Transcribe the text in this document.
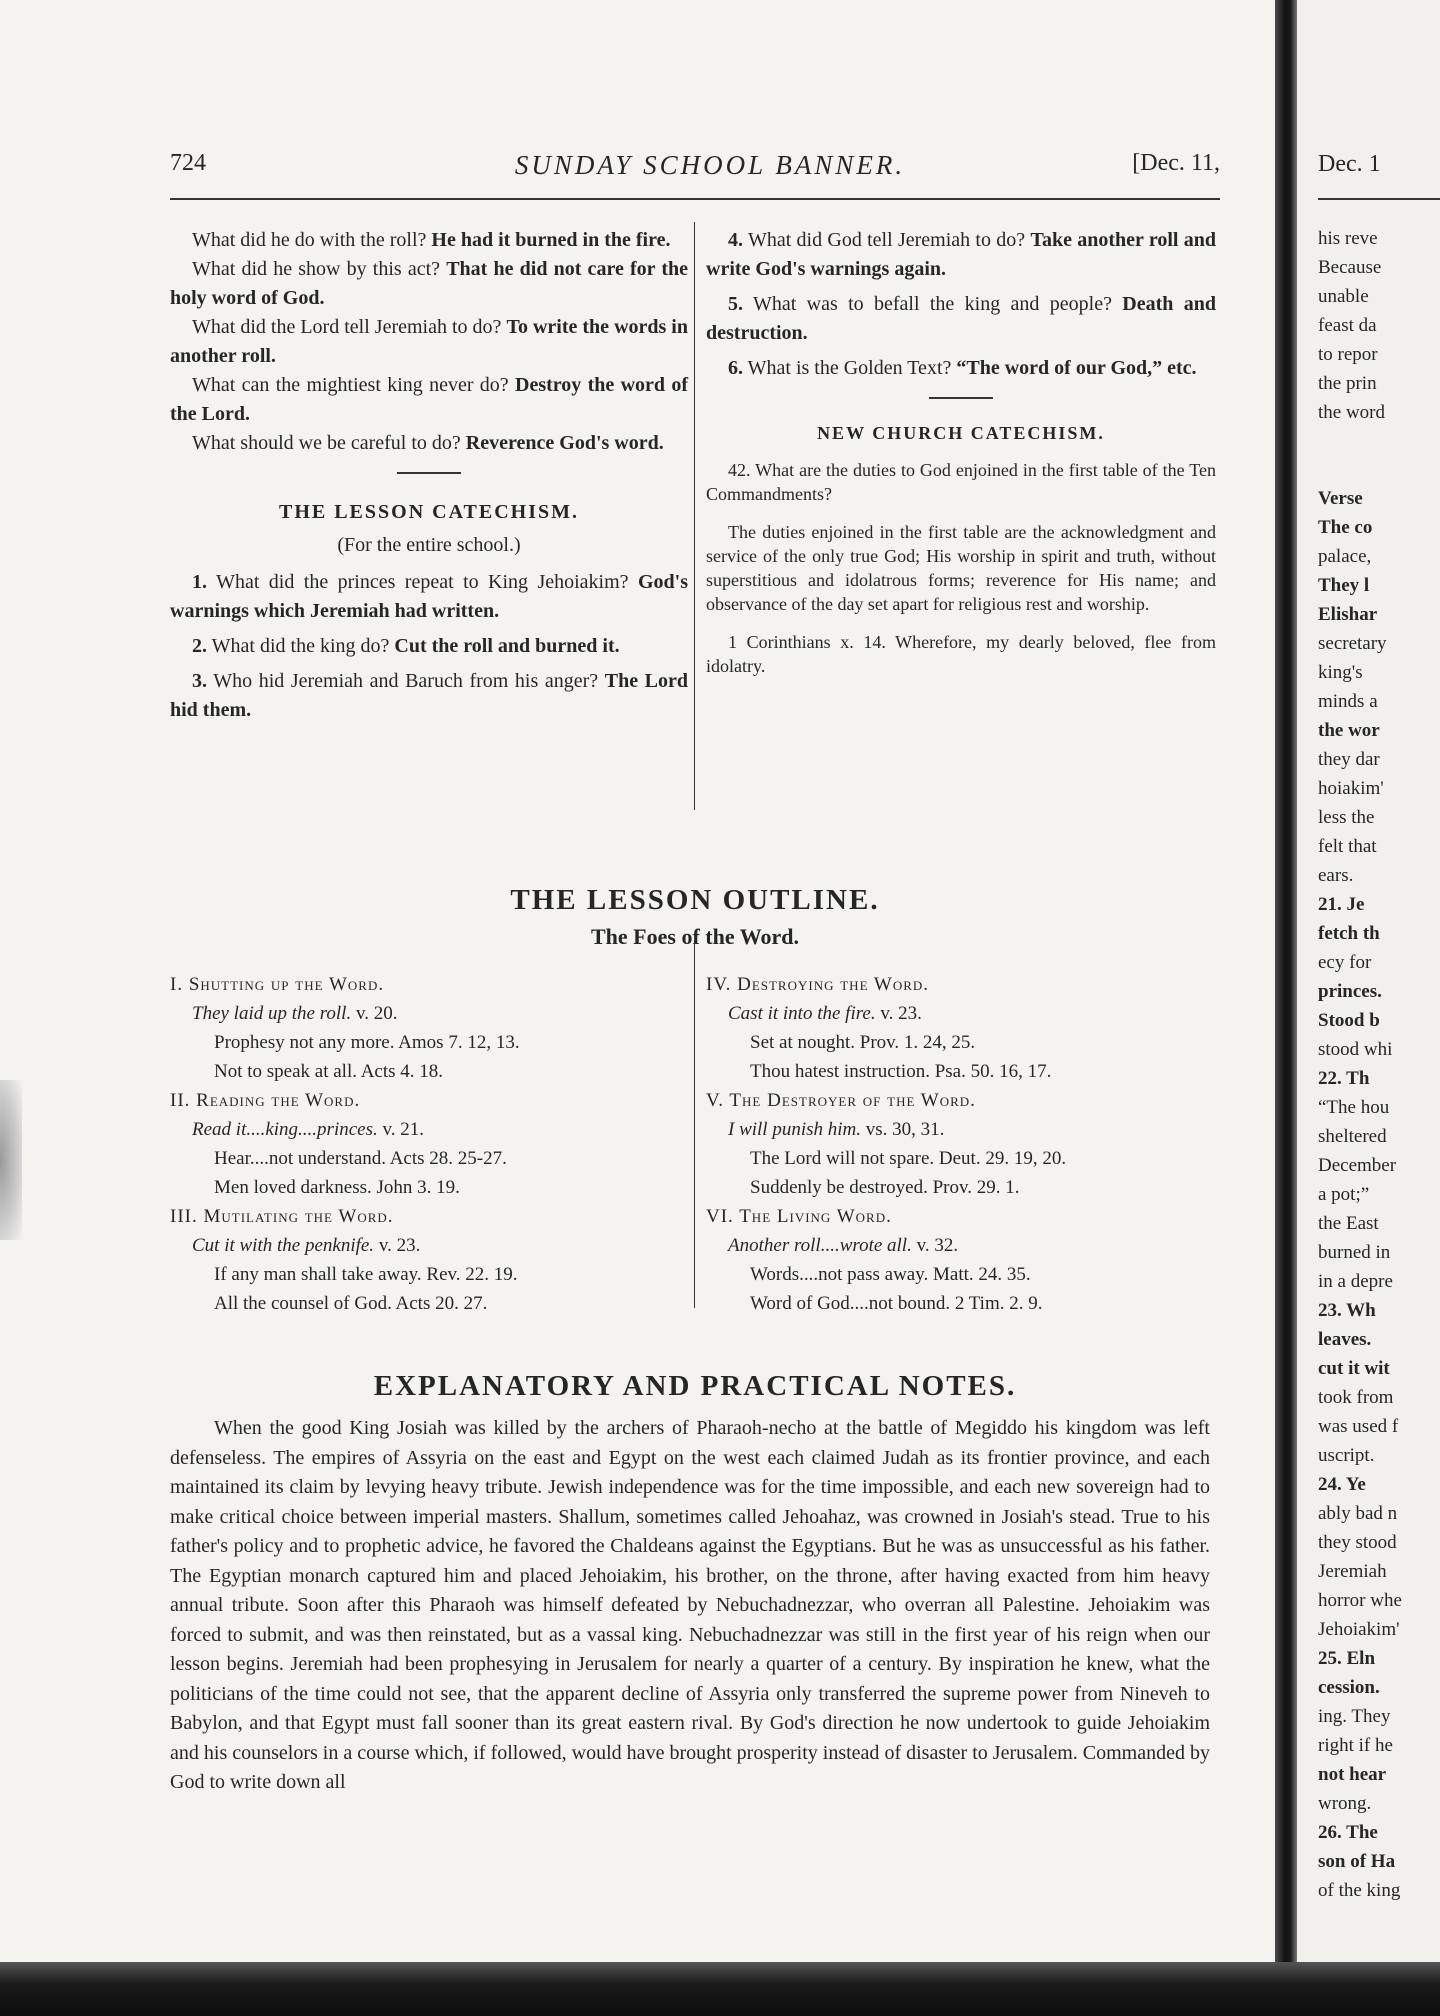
724	SUNDAY SCHOOL BANNER.	[Dec. 11,

What did he do with the roll? He had it burned in the fire.

What did he show by this act? That he did not care for the holy word of God.

What did the Lord tell Jeremiah to do? To write the words in another roll.

What can the mightiest king never do? Destroy the word of the Lord.

What should we be careful to do? Reverence God's word.

THE LESSON CATECHISM.

(For the entire school.)

1. What did the princes repeat to King Jehoiakim? God's warnings which Jeremiah had written.

2. What did the king do? Cut the roll and burned it.

3. Who hid Jeremiah and Baruch from his anger? The Lord hid them.

4. What did God tell Jeremiah to do? Take another roll and write God's warnings again.

5. What was to befall the king and people? Death and destruction.

6. What is the Golden Text? “The word of our God,” etc.

NEW CHURCH CATECHISM.

42. What are the duties to God enjoined in the first table of the Ten Commandments?

The duties enjoined in the first table are the acknowledgment and service of the only true God; His worship in spirit and truth, without superstitious and idolatrous forms; reverence for His name; and observance of the day set apart for religious rest and worship.

1 Corinthians x. 14. Wherefore, my dearly beloved, flee from idolatry.

THE LESSON OUTLINE.
The Foes of the Word.
I. Shutting up the Word.
They laid up the roll. v. 20.
Prophesy not any more. Amos 7. 12, 13.
Not to speak at all. Acts 4. 18.
II. Reading the Word.
Read it....king....princes. v. 21.
Hear....not understand. Acts 28. 25-27.
Men loved darkness. John 3. 19.
III. Mutilating the Word.
Cut it with the penknife. v. 23.
If any man shall take away. Rev. 22. 19.
All the counsel of God. Acts 20. 27.
IV. Destroying the Word.
Cast it into the fire. v. 23.
Set at nought. Prov. 1. 24, 25.
Thou hatest instruction. Psa. 50. 16, 17.
V. The Destroyer of the Word.
I will punish him. vs. 30, 31.
The Lord will not spare. Deut. 29. 19, 20.
Suddenly be destroyed. Prov. 29. 1.
VI. The Living Word.
Another roll....wrote all. v. 32.
Words....not pass away. Matt. 24. 35.
Word of God....not bound. 2 Tim. 2. 9.
EXPLANATORY AND PRACTICAL NOTES.

When the good King Josiah was killed by the archers of Pharaoh-necho at the battle of Megiddo his kingdom was left defenseless. The empires of Assyria on the east and Egypt on the west each claimed Judah as its frontier province, and each maintained its claim by levying heavy tribute. Jewish independence was for the time impossible, and each new sovereign had to make critical choice between imperial masters. Shallum, sometimes called Jehoahaz, was crowned in Josiah's stead. True to his father's policy and to prophetic advice, he favored the Chaldeans against the Egyptians. But he was as unsuccessful as his father. The Egyptian monarch captured him and placed Jehoiakim, his brother, on the throne, after having exacted from him heavy annual tribute. Soon after this Pharaoh was himself defeated by Nebuchadnezzar, who overran all Palestine. Jehoiakim was forced to submit, and was then reinstated, but as a vassal king. Nebuchadnezzar was still in the first year of his reign when our lesson begins. Jeremiah had been prophesying in Jerusalem for nearly a quarter of a century. By inspiration he knew, what the politicians of the time could not see, that the apparent decline of Assyria only transferred the supreme power from Nineveh to Babylon, and that Egypt must fall sooner than its great eastern rival. By God's direction he now undertook to guide Jehoiakim and his counselors in a course which, if followed, would have brought prosperity instead of disaster to Jerusalem. Commanded by God to write down all

Dec. 1

his reve

Because

unable

feast da

to repor

the prin

the word

Verse

The co

palace,

They l

Elishar

secretary

king's

minds a

the wor

they dar

hoiakim'

less the

felt that

ears.

21. Je

fetch th

ecy for

princes.

Stood b

stood whi

22. Th

“The hou

sheltered

December

a pot;”

the East

burned in

in a depre

23. Wh

leaves.

cut it wit

took from

was used f

uscript.

24. Ye

ably bad n

they stood

Jeremiah

horror whe

Jehoiakim'

25. Eln

cession.

ing. They

right if he

not hear

wrong.

26. The

son of Ha

of the king
